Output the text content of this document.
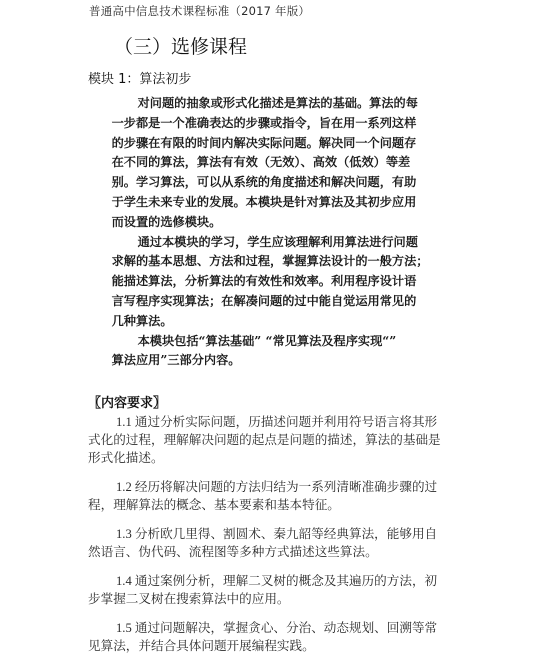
普通高中信息技术课程标准（2017 年版）
（三）选修课程
模块 1：算法初步

对问题的抽象或形式化描述是算法的基础。算法的每
一步都是一个准确表达的步骤或指令，旨在用一系列这样
的步骤在有限的时间内解决实际问题。解决同一个问题存
在不同的算法，算法有有效（无效）、高效（低效）等差
别。学习算法，可以从系统的角度描述和解决问题，有助
于学生未来专业的发展。本模块是针对算法及其初步应用
而设置的选修模块。

通过本模块的学习，学生应该理解利用算法进行问题
求解的基本思想、方法和过程，掌握算法设计的一般方法；
能描述算法，分析算法的有效性和效率。利用程序设计语
言写程序实现算法；在解凑问题的过中能自觉运用常见的
几种算法。

本模块包括“算法基础” “常见算法及程序实现“”
算法应用”三部分内容。

〖内容要求〗
1.1 通过分析实际问题，历描述问题并利用符号语言将其形
式化的过程，理解解决问题的起点是问题的描述，算法的基础是
形式化描述。
1.2 经历将解决问题的方法归结为一系列清晰准确步骤的过
程，理解算法的概念、基本要素和基本特征。
1.3 分析欧几里得、割圆术、秦九韶等经典算法，能够用自
然语言、伪代码、流程图等多种方式描述这些算法。
1.4 通过案例分析，理解二叉树的概念及其遍历的方法，初
步掌握二叉树在搜索算法中的应用。
1.5 通过问题解决，掌握贪心、分治、动态规划、回溯等常
见算法，并结合具体问题开展编程实践。
